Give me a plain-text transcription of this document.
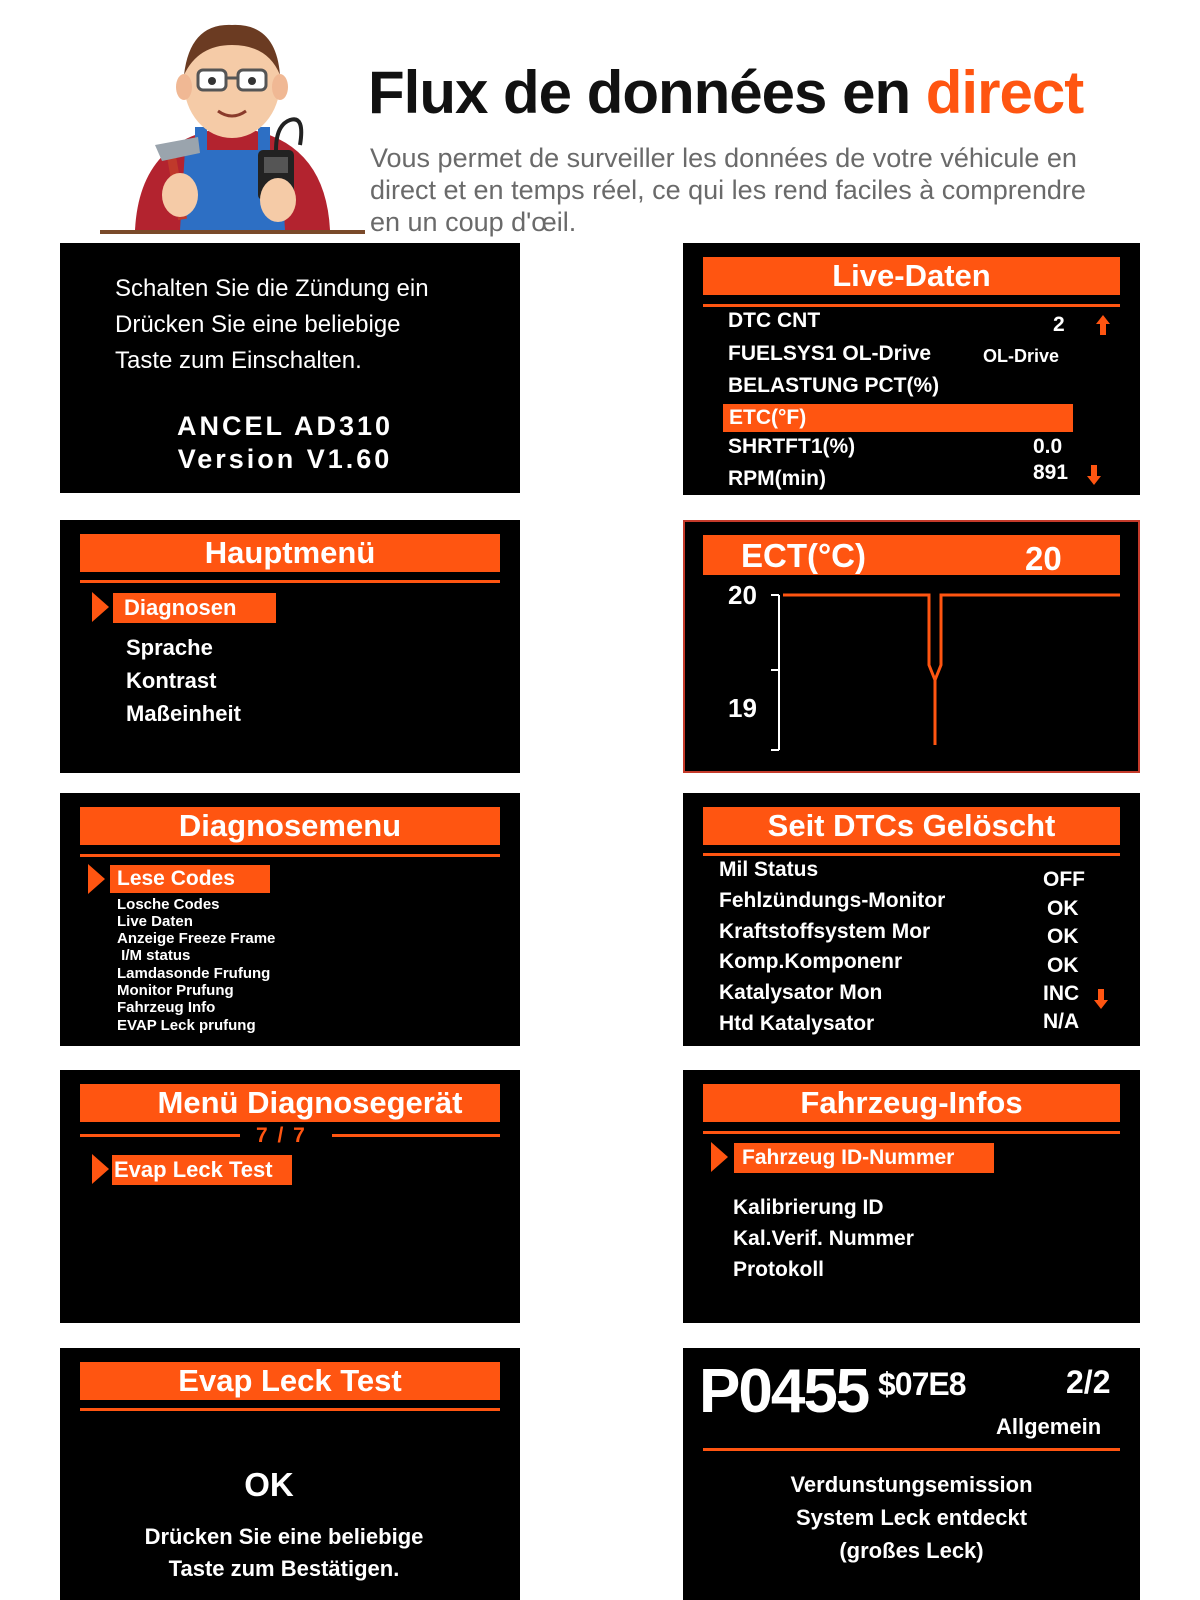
Flux de données en direct
Vous permet de surveiller les données de votre véhicule en
direct et en temps réel, ce qui les rend faciles à comprendre
en un coup d'œil.
Schalten Sie die Zündung ein
Drücken Sie eine beliebige
Taste zum Einschalten.
ANCEL AD310
Version V1.60
Live-Daten
DTC CNT	2
FUELSYS1 OL-Drive	OL-Drive
BELASTUNG PCT(%)
ETC(°F)
SHRTFT1(%)	0.0
RPM(min)	891
Hauptmenü
Diagnosen
Sprache
Kontrast
Maßeinheit
ECT(°C)	20
20
19
Diagnosemenu
Lese Codes
Losche Codes
Live Daten
Anzeige Freeze Frame
I/M status
Lamdasonde Frufung
Monitor Prufung
Fahrzeug Info
EVAP Leck prufung
Seit DTCs Gelöscht
Mil Status	OFF
Fehlzündungs-Monitor	OK
Kraftstoffsystem Mor	OK
Komp.Komponenr	OK
Katalysator Mon	INC
Htd Katalysator	N/A
Menü Diagnosegerät
7 / 7
Evap Leck Test
Fahrzeug-Infos
Fahrzeug ID-Nummer
Kalibrierung ID
Kal.Verif. Nummer
Protokoll
Evap Leck Test
OK
Drücken Sie eine beliebige
Taste zum Bestätigen.
P0455 $07E8	2/2
Allgemein
Verdunstungsemission
System Leck entdeckt
(großes Leck)
